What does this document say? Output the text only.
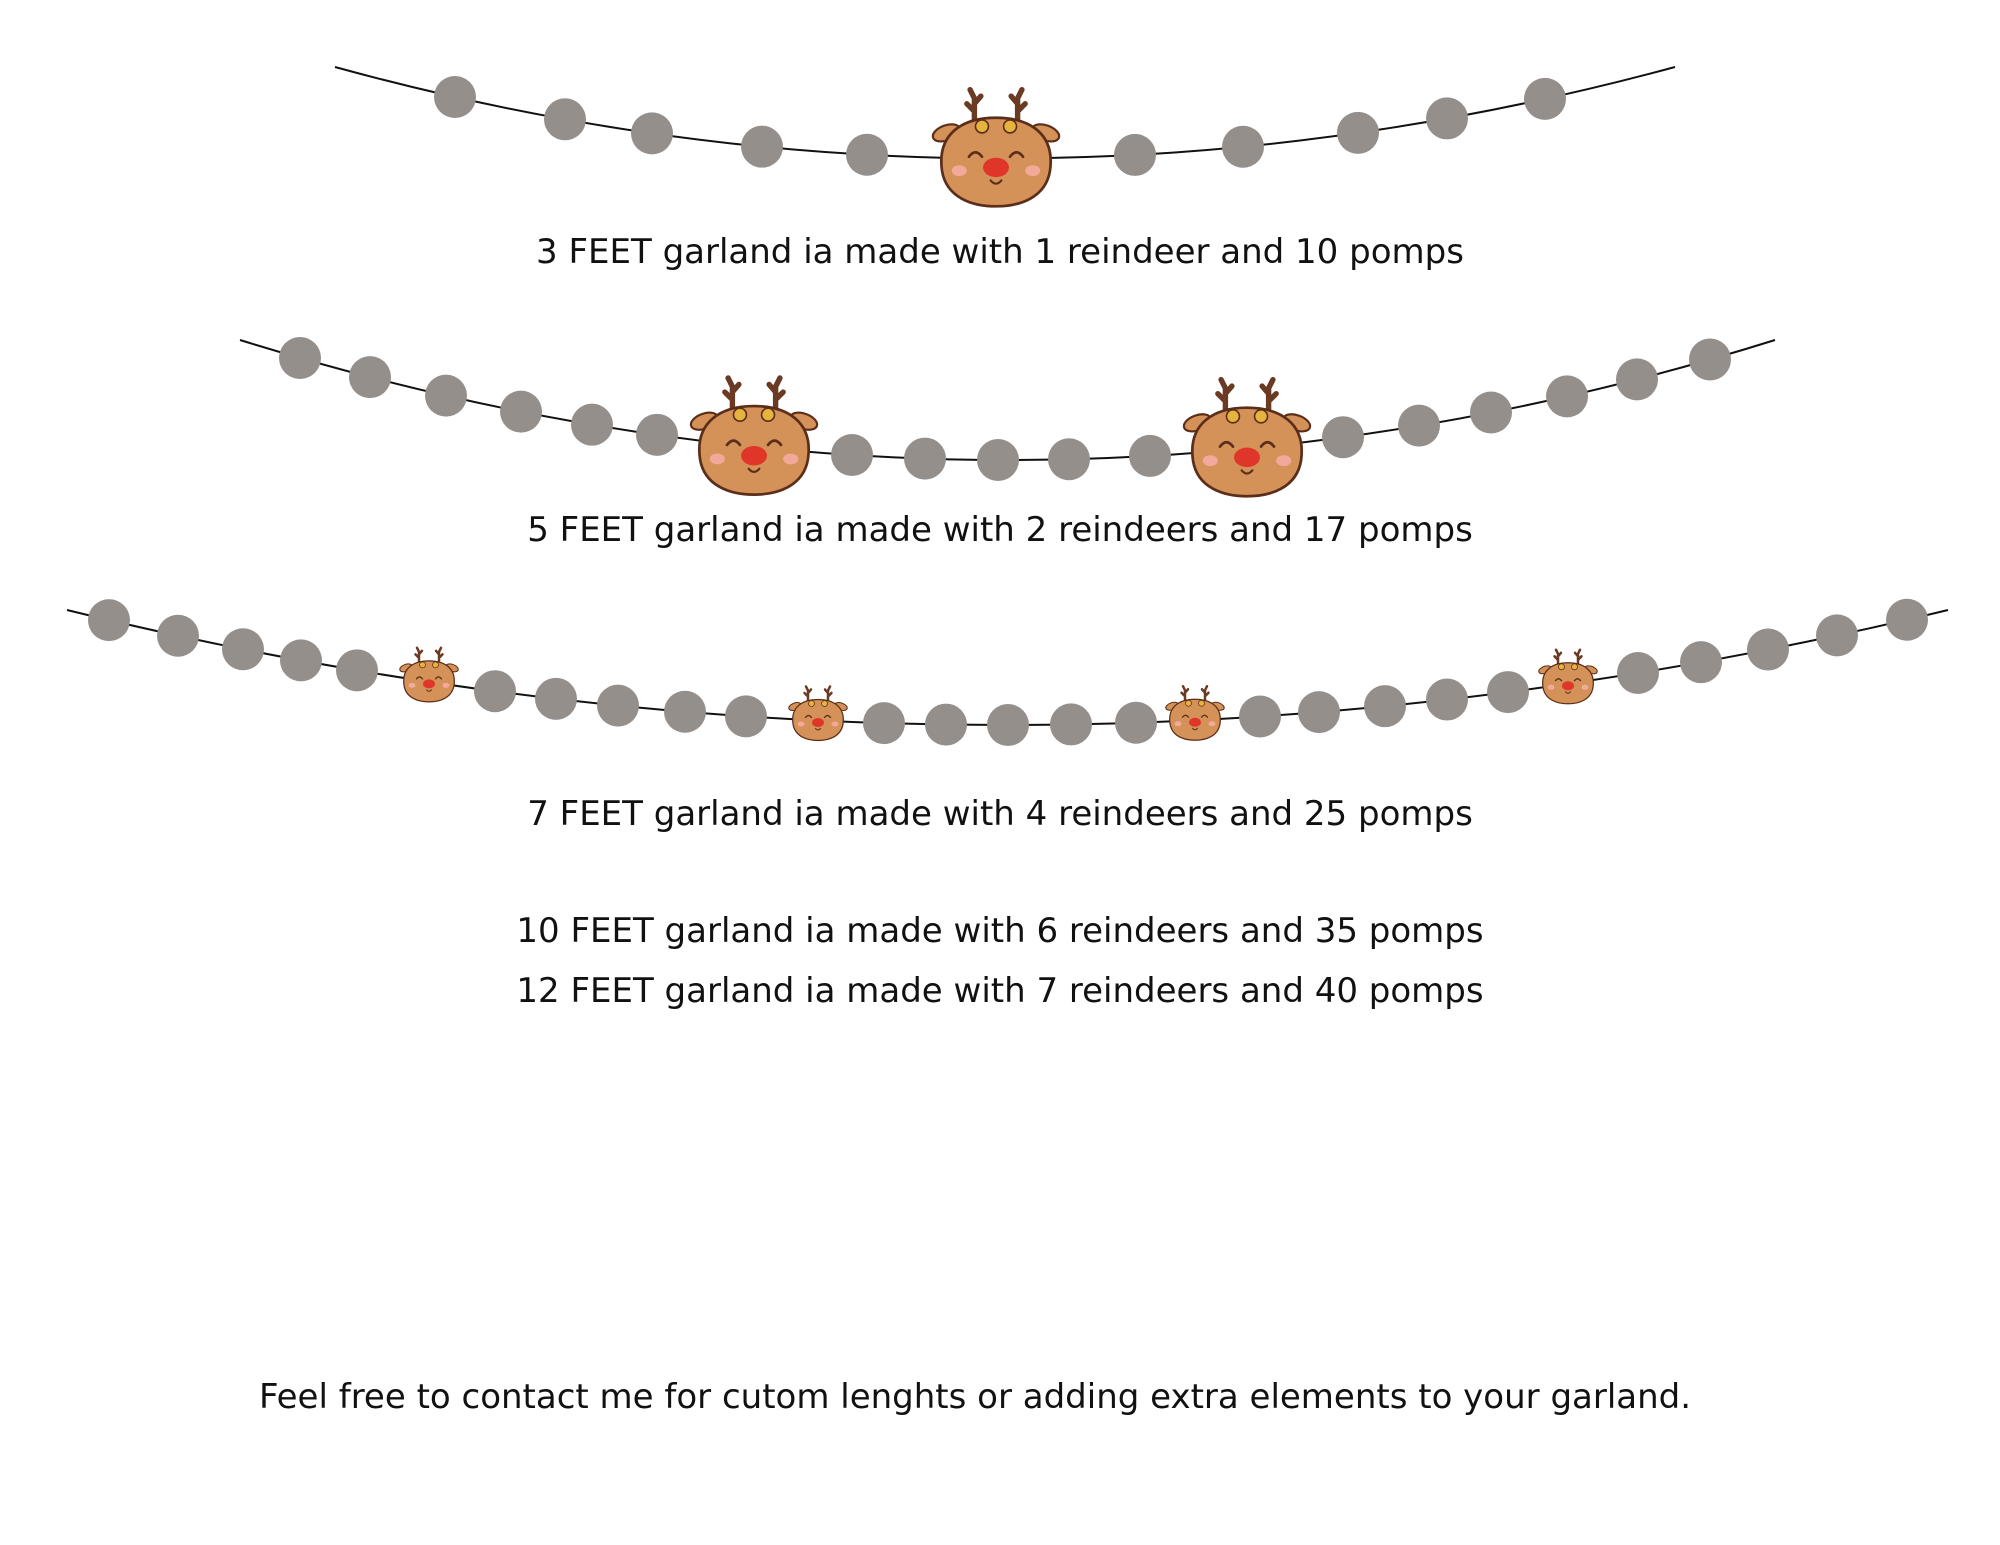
3 FEET garland ia made with 1 reindeer and 10 pomps

5 FEET garland ia made with 2 reindeers and 17 pomps

7 FEET garland ia made with 4 reindeers and 25 pomps

10 FEET garland ia made with 6 reindeers and 35 pomps

12 FEET garland ia made with 7 reindeers and 40 pomps

Feel free to contact me for cutom lenghts or adding extra elements to your garland.
